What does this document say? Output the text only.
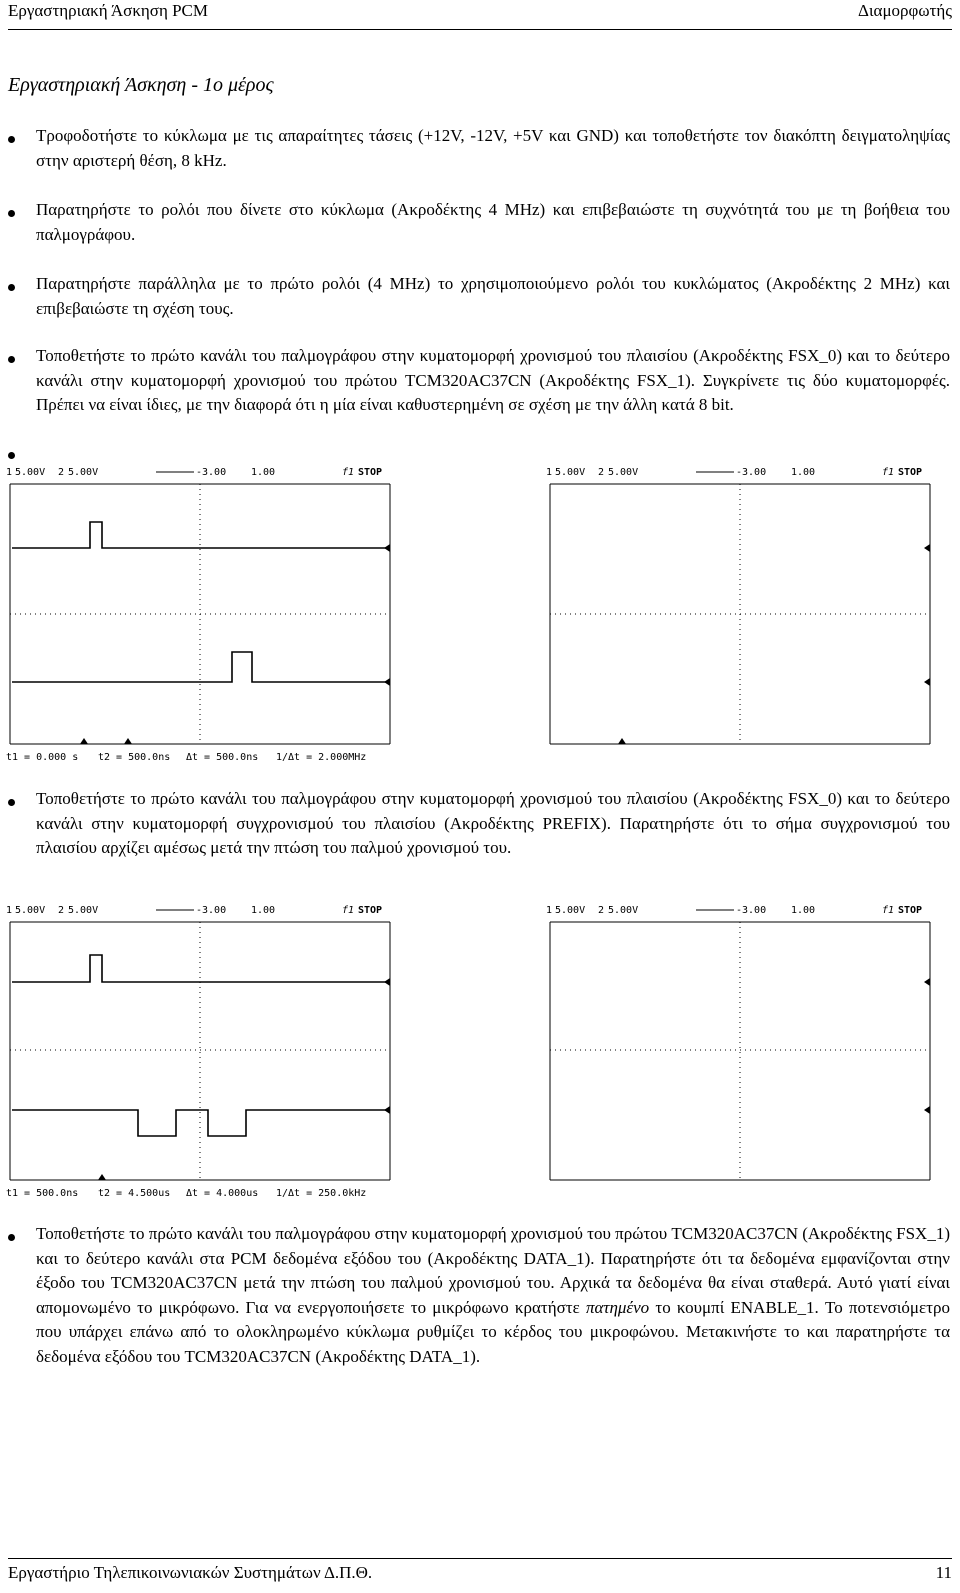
Εργαστηριακή Άσκηση PCM	Διαμορφωτής
Εργαστηριακή Άσκηση - 1ο μέρος
Τροφοδοτήστε το κύκλωμα με τις απαραίτητες τάσεις (+12V, -12V, +5V και GND) και τοποθετήστε τον διακόπτη δειγματοληψίας στην αριστερή θέση, 8 kHz.
Παρατηρήστε το ρολόι που δίνετε στο κύκλωμα (Ακροδέκτης 4 MHz) και επιβεβαιώστε τη συχνότητά του με τη βοήθεια του παλμογράφου.
Παρατηρήστε παράλληλα με το πρώτο ρολόι (4 MHz) το χρησιμοποιούμενο ρολόι του κυκλώματος (Ακροδέκτης 2 MHz) και επιβεβαιώστε τη σχέση τους.
Τοποθετήστε το πρώτο κανάλι του παλμογράφου στην κυματομορφή χρονισμού του πλαισίου (Ακροδέκτης FSX_0) και το δεύτερο κανάλι στην κυματομορφή χρονισμού του πρώτου TCM320AC37CN (Ακροδέκτης FSX_1). Συγκρίνετε τις δύο κυματομορφές. Πρέπει να είναι ίδιες, με την διαφορά ότι η μία είναι καθυστερημένη σε σχέση με την άλλη κατά 8 bit.
1 5.00V 2 5.00V	-3.00 1.00	f1 STOP
t1 = 0.000 s t2 = 500.0ns Δt = 500.0ns 1/Δt = 2.000MHz
1 5.00V 2 5.00V	-3.00 1.00	f1 STOP
Τοποθετήστε το πρώτο κανάλι του παλμογράφου στην κυματομορφή χρονισμού του πλαισίου (Ακροδέκτης FSX_0) και το δεύτερο κανάλι στην κυματομορφή συγχρονισμού του πλαισίου (Ακροδέκτης PREFIX). Παρατηρήστε ότι το σήμα συγχρονισμού του πλαισίου αρχίζει αμέσως μετά την πτώση του παλμού χρονισμού του.
1 5.00V 2 5.00V	-3.00 1.00	f1 STOP
t1 = 500.0ns t2 = 4.500us Δt = 4.000us 1/Δt = 250.0kHz
1 5.00V 2 5.00V	-3.00 1.00	f1 STOP
Τοποθετήστε το πρώτο κανάλι του παλμογράφου στην κυματομορφή χρονισμού του πρώτου TCM320AC37CN (Ακροδέκτης FSX_1) και το δεύτερο κανάλι στα PCM δεδομένα εξόδου του (Ακροδέκτης DATA_1). Παρατηρήστε ότι τα δεδομένα εμφανίζονται στην έξοδο του TCM320AC37CN μετά την πτώση του παλμού χρονισμού του. Αρχικά τα δεδομένα θα είναι σταθερά. Αυτό γιατί είναι απομονωμένο το μικρόφωνο. Για να ενεργοποιήσετε το μικρόφωνο κρατήστε πατημένο το κουμπί ENABLE_1. Το ποτενσιόμετρο που υπάρχει επάνω από το ολοκληρωμένο κύκλωμα ρυθμίζει το κέρδος του μικροφώνου. Μετακινήστε το και παρατηρήστε τα δεδομένα εξόδου του TCM320AC37CN (Ακροδέκτης DATA_1).
Εργαστήριο Τηλεπικοινωνιακών Συστημάτων Δ.Π.Θ.	11
